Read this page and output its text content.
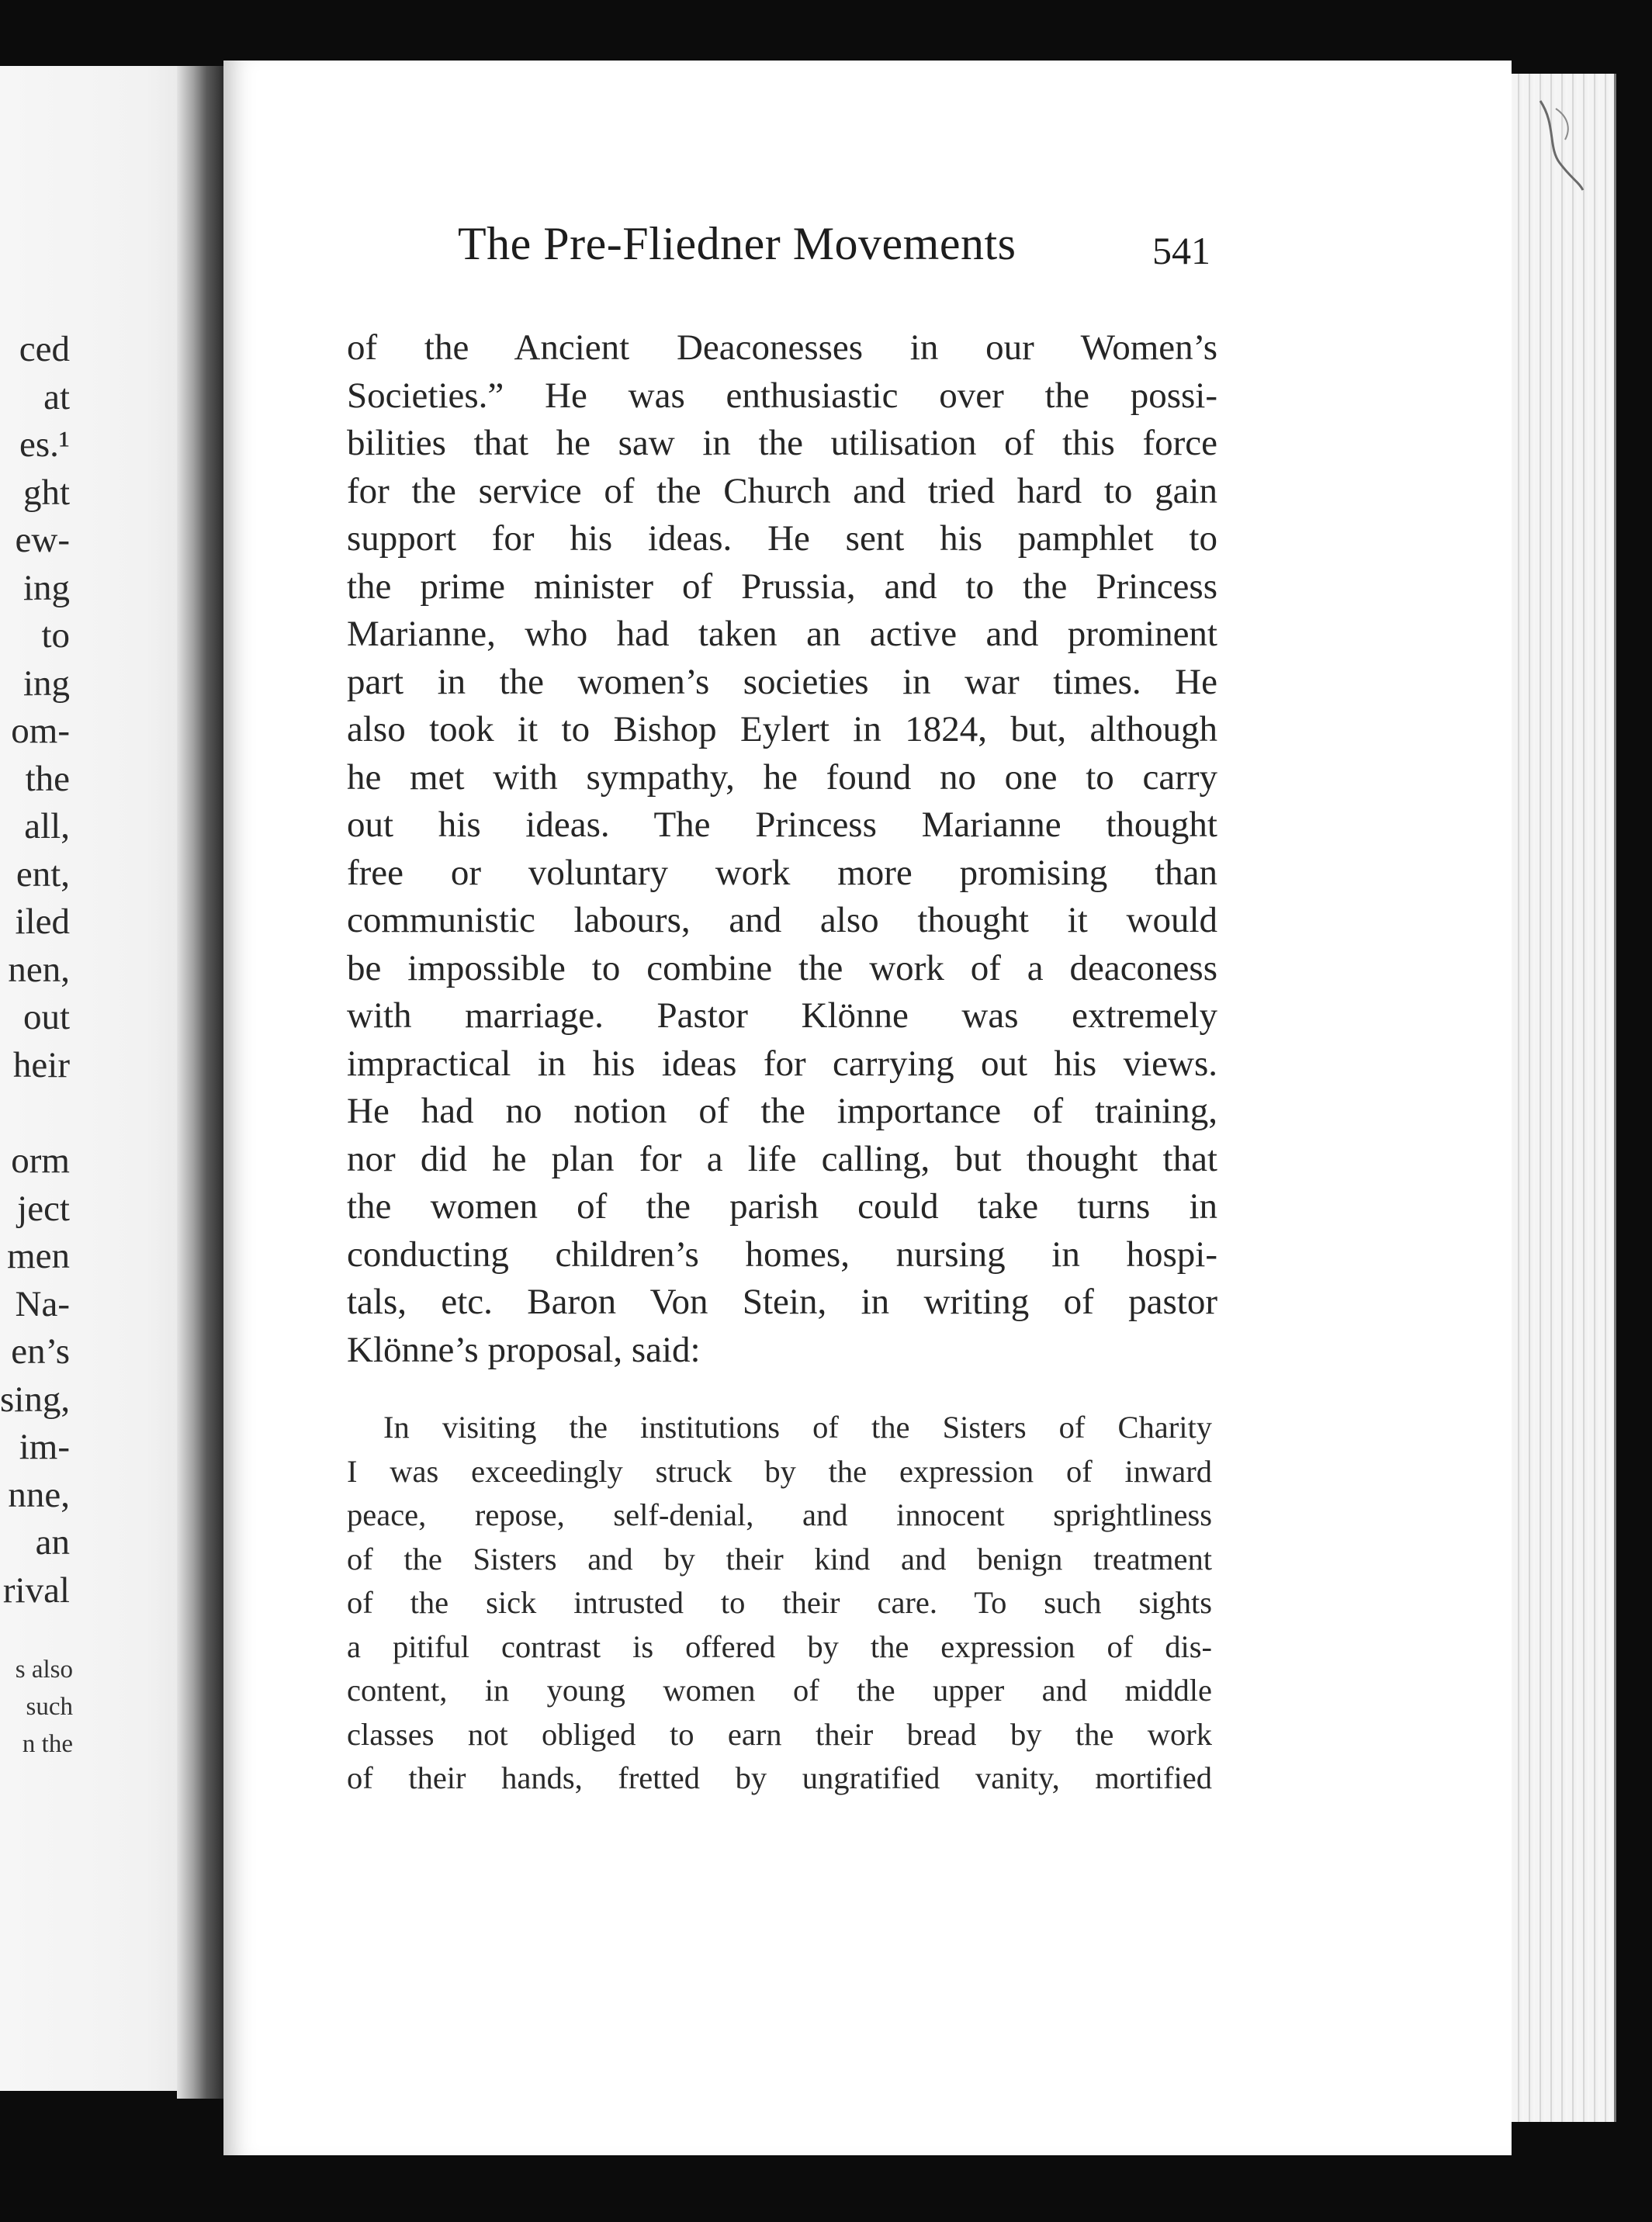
ced
at
es.¹
ght
ew-
ing
to
ing
om-
the
all,
ent,
iled
nen,
out
heir
orm
ject
men
Na-
en’s
sing,
im-
nne,
an
rival
s also
such
n the
The Pre-Fliedner Movements	541
of the Ancient Deaconesses in our Women’s
Societies.” He was enthusiastic over the possi-
bilities that he saw in the utilisation of this force
for the service of the Church and tried hard to gain
support for his ideas. He sent his pamphlet to
the prime minister of Prussia, and to the Princess
Marianne, who had taken an active and prominent
part in the women’s societies in war times. He
also took it to Bishop Eylert in 1824, but, although
he met with sympathy, he found no one to carry
out his ideas. The Princess Marianne thought
free or voluntary work more promising than
communistic labours, and also thought it would
be impossible to combine the work of a deaconess
with marriage. Pastor Klönne was extremely
impractical in his ideas for carrying out his views.
He had no notion of the importance of training,
nor did he plan for a life calling, but thought that
the women of the parish could take turns in
conducting children’s homes, nursing in hospi-
tals, etc. Baron Von Stein, in writing of pastor
Klönne’s proposal, said:
In visiting the institutions of the Sisters of Charity
I was exceedingly struck by the expression of inward
peace, repose, self-denial, and innocent sprightliness
of the Sisters and by their kind and benign treatment
of the sick intrusted to their care. To such sights
a pitiful contrast is offered by the expression of dis-
content, in young women of the upper and middle
classes not obliged to earn their bread by the work
of their hands, fretted by ungratified vanity, mortified
